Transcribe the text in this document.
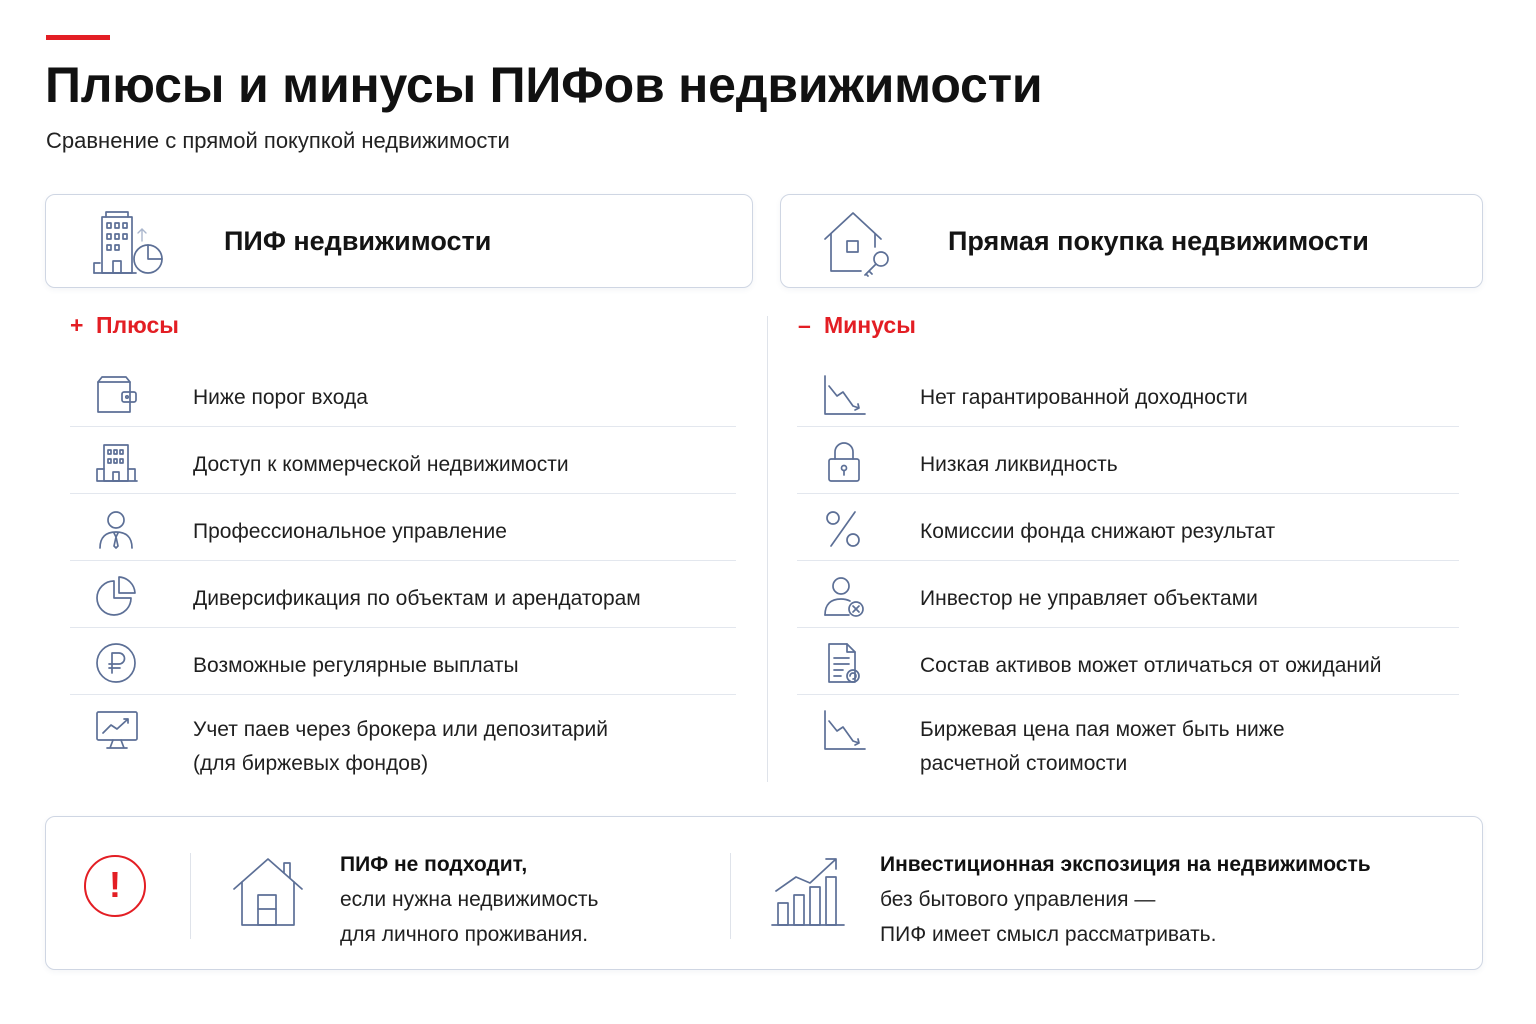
Плюсы и минусы ПИФов недвижимости

Сравнение с прямой покупкой недвижимости

ПИФ недвижимости	Прямая покупка недвижимости
+ Плюсы	– Минусы
Ниже порог входа
Доступ к коммерческой недвижимости
Профессиональное управление
Диверсификация по объектам и арендаторам
Возможные регулярные выплаты
Учет паев через брокера или депозитарий
(для биржевых фондов)
Нет гарантированной доходности
Низкая ликвидность
Комиссии фонда снижают результат
Инвестор не управляет объектами
Состав активов может отличаться от ожиданий
Биржевая цена пая может быть ниже
расчетной стоимости
!	ПИФ не подходит,
если нужна недвижимость
для личного проживания.
Инвестиционная экспозиция на недвижимость
без бытового управления —
ПИФ имеет смысл рассматривать.
